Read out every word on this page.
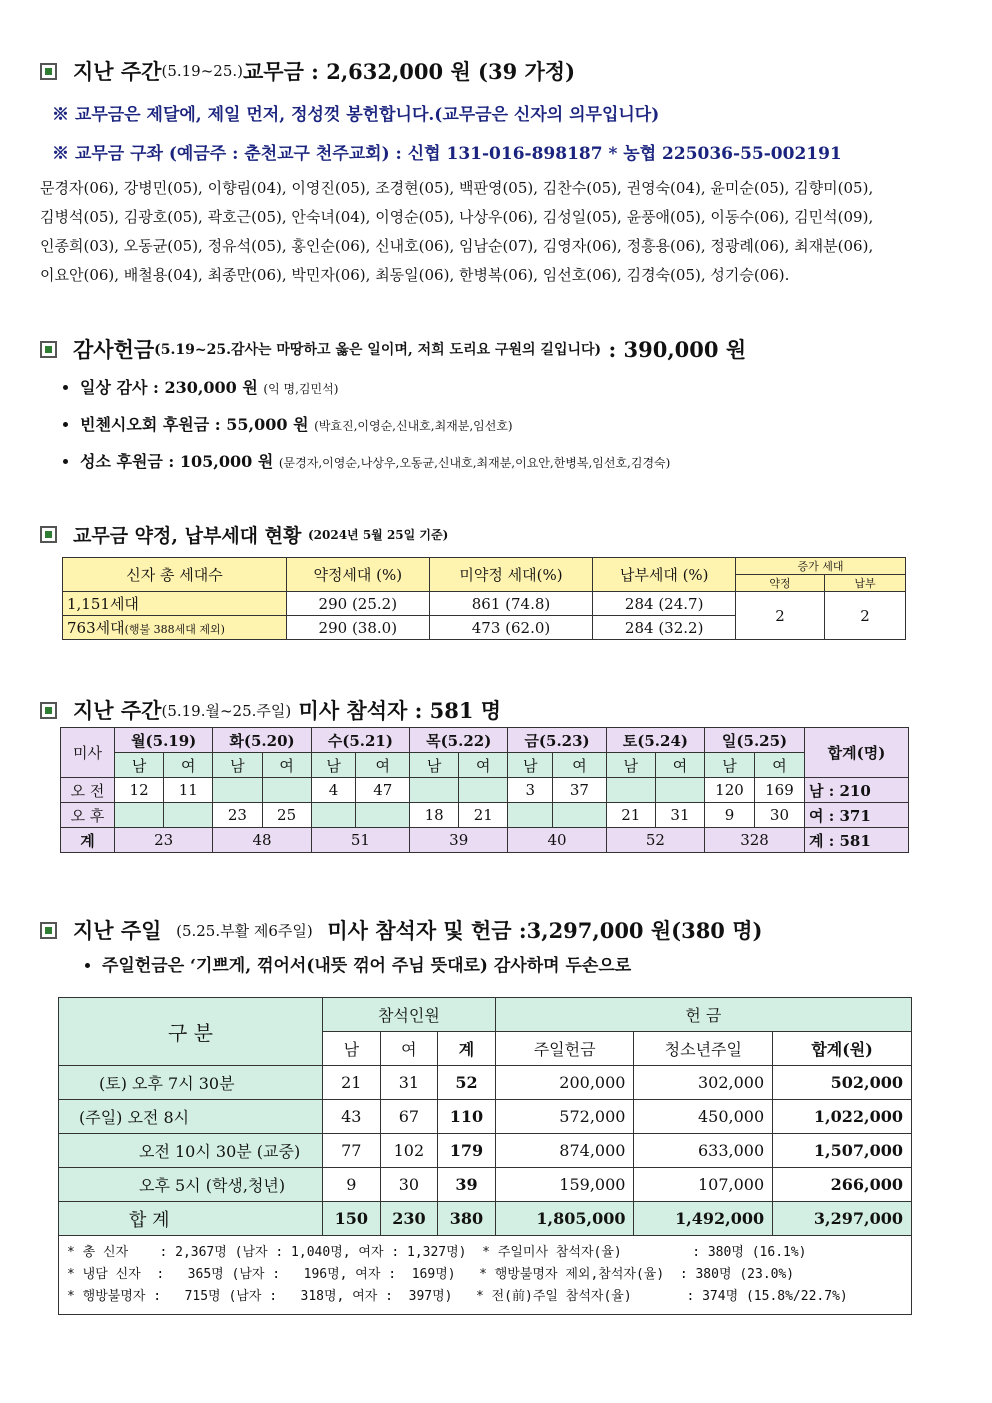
지난 주간 (5.19~25.) 교무금 : 2,632,000 원 (39 가정)
※ 교무금은 제달에, 제일 먼저, 정성껏 봉헌합니다.(교무금은 신자의 의무입니다)
※ 교무금 구좌 (예금주 : 춘천교구 천주교회) : 신협 131-016-898187 * 농협 225036-55-002191
문경자(06), 강병민(05), 이향림(04), 이영진(05), 조경현(05), 백판영(05), 김찬수(05), 권영숙(04), 윤미순(05), 김향미(05),
김병석(05), 김광호(05), 곽호근(05), 안숙녀(04), 이영순(05), 나상우(06), 김성일(05), 윤풍애(05), 이동수(06), 김민석(09),
인종희(03), 오동균(05), 정유석(05), 홍인순(06), 신내호(06), 임남순(07), 김영자(06), 정흥용(06), 정광례(06), 최재분(06),
이요안(06), 배철용(04), 최종만(06), 박민자(06), 최동일(06), 한병복(06), 임선호(06), 김경숙(05), 성기승(06).
감사헌금 (5.19~25.감사는 마땅하고 옳은 일이며, 저희 도리요 구원의 길입니다)
: 390,000 원
• 일상 감사 : 230,000 원 (익 명,김민석)
• 빈첸시오회 후원금 : 55,000 원 (박효진,이영순,신내호,최재분,임선호)
• 성소 후원금 : 105,000 원 (문경자,이영순,나상우,오동균,신내호,최재분,이요안,한병복,임선호,김경숙)
교무금 약정, 납부세대 현황
(2024년 5월 25일 기준)
신자 총 세대수	약정세대 (%)	미약정 세대(%)	납부세대 (%)	증가 세대	
				약정	납부
1,151세대	290 (25.2)	861 (74.8)	284 (24.7)	2	2
763세대(행불 388세대 제외)	290 (38.0)	473 (62.0)	284 (32.2)		
지난 주간 (5.19.월~25.주일)
미사 참석자 : 581 명
미사	월(5.19)		화(5.20)		수(5.21)		목(5.22)		금(5.23)		토(5.24)		일(5.25)		합계(명)
	남	여	남	여	남	여	남	여	남	여	남	여	남	여	
오 전	12	11			4	47			3	37			120	169	남 : 210
오 후			23	25			18	21			21	31	9	30	여 : 371
계	23		48		51		39		40		52		328		계 : 581
지난 주일
(5.25.부활 제6주일)
미사 참석자 및 헌금 :3,297,000 원(380 명)
• 주일헌금은 ‘기쁘게, 꺾어서(내뜻 꺾어 주님 뜻대로) 감사하며 두손으로
구 분	참석인원			헌 금		
	남	여	계	주일헌금	청소년주일	합계(원)
(토) 오후 7시 30분	21	31	52	200,000	302,000	502,000
(주일) 오전 8시	43	67	110	572,000	450,000	1,022,000
오전 10시 30분 (교중)	77	102	179	874,000	633,000	1,507,000
오후 5시 (학생,청년)	9	30	39	159,000	107,000	266,000
합 계	150	230	380	1,805,000	1,492,000	3,297,000

* 총 신자    : 2,367명 (남자 : 1,040명, 여자 : 1,327명)  * 주일미사 참석자(율)         : 380명 (16.1%)
* 냉담 신자  :   365명 (남자 :   196명, 여자 :  169명)   * 행방불명자 제외,참석자(율)  : 380명 (23.0%)
* 행방불명자 :   715명 (남자 :   318명, 여자 :  397명)   * 전(前)주일 참석자(율)       : 374명 (15.8%/22.7%)						
